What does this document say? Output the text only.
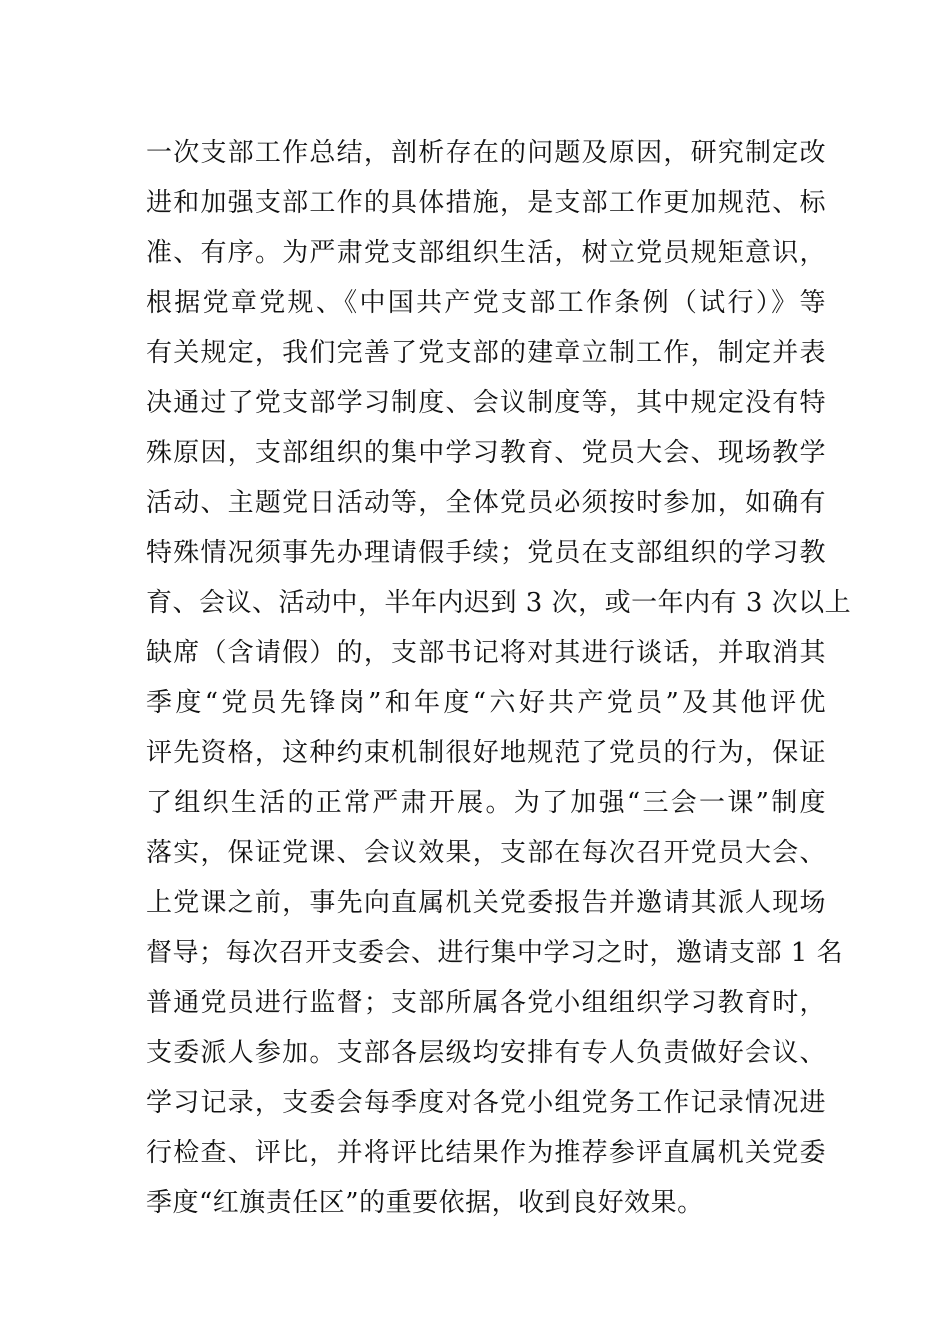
一次支部工作总结，剖析存在的问题及原因，研究制定改
进和加强支部工作的具体措施，是支部工作更加规范、标
准、有序。为严肃党支部组织生活，树立党员规矩意识，
根据党章党规、《中国共产党支部工作条例（试行）》等
有关规定，我们完善了党支部的建章立制工作，制定并表
决通过了党支部学习制度、会议制度等，其中规定没有特
殊原因，支部组织的集中学习教育、党员大会、现场教学
活动、主题党日活动等，全体党员必须按时参加，如确有
特殊情况须事先办理请假手续；党员在支部组织的学习教
育、会议、活动中，半年内迟到 3 次，或一年内有 3 次以上
缺席（含请假）的，支部书记将对其进行谈话，并取消其
季度“党员先锋岗”和年度“六好共产党员”及其他评优
评先资格，这种约束机制很好地规范了党员的行为，保证
了组织生活的正常严肃开展。为了加强“三会一课”制度
落实，保证党课、会议效果，支部在每次召开党员大会、
上党课之前，事先向直属机关党委报告并邀请其派人现场
督导；每次召开支委会、进行集中学习之时，邀请支部 1 名
普通党员进行监督；支部所属各党小组组织学习教育时，
支委派人参加。支部各层级均安排有专人负责做好会议、
学习记录，支委会每季度对各党小组党务工作记录情况进
行检查、评比，并将评比结果作为推荐参评直属机关党委
季度“红旗责任区”的重要依据，收到良好效果。
